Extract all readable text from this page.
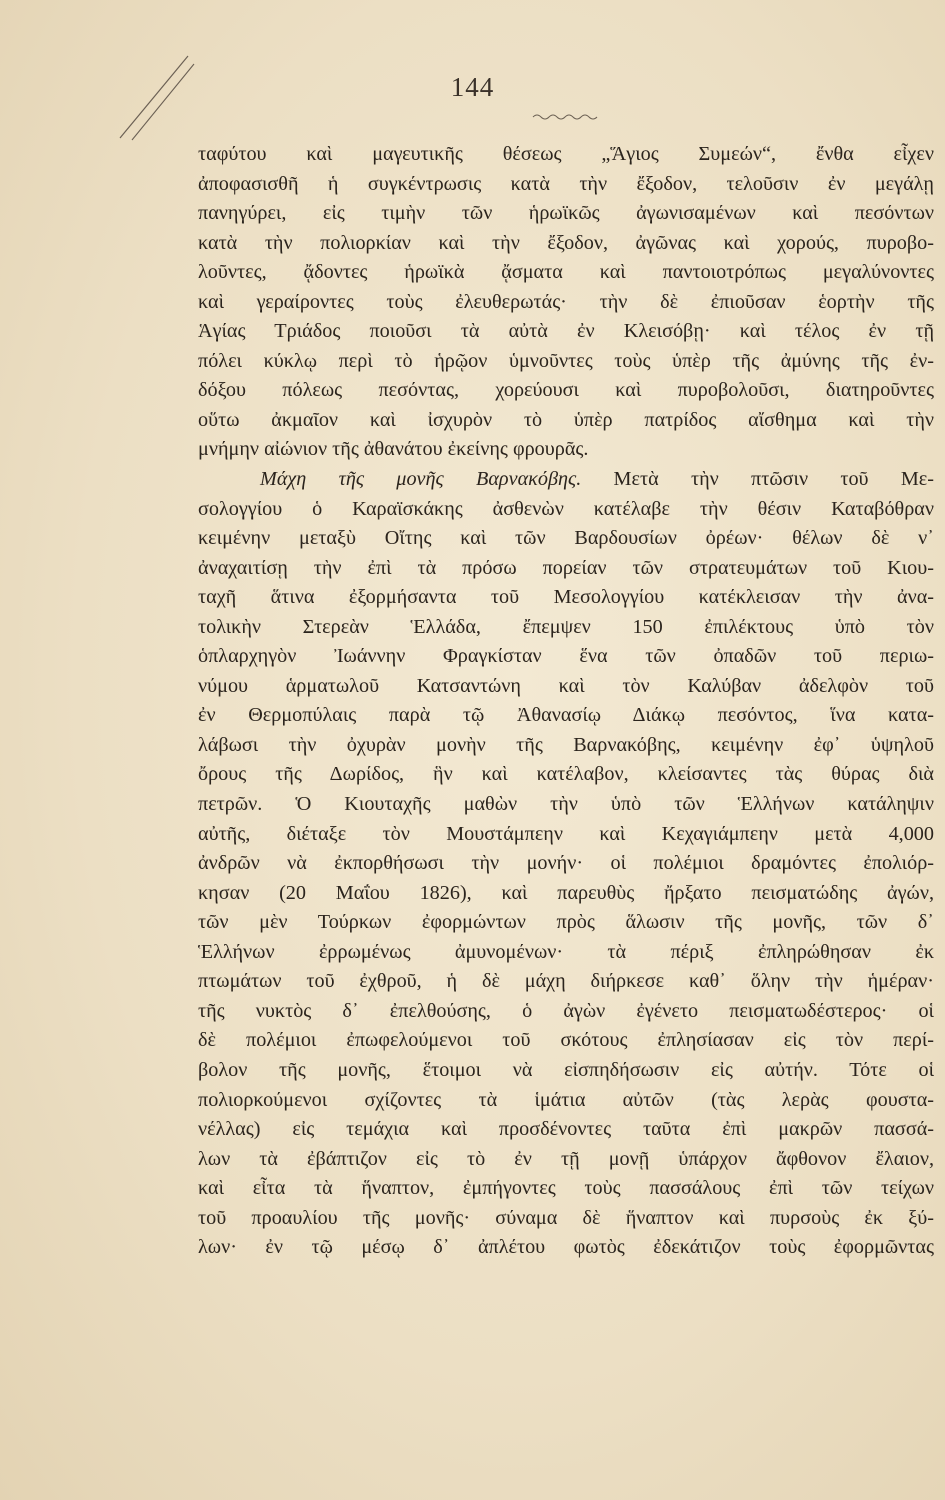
144
ταφύτου καὶ μαγευτικῆς θέσεως „Ἅγιος Συμεών“, ἔνθα εἶχεν
ἀποφασισθῆ ἡ συγκέντρωσις κατὰ τὴν ἔξοδον, τελοῦσιν ἐν μεγάλῃ
πανηγύρει, εἰς τιμὴν τῶν ἡρωϊκῶς ἀγωνισαμένων καὶ πεσόντων
κατὰ τὴν πολιορκίαν καὶ τὴν ἔξοδον, ἀγῶνας καὶ χορούς, πυροβο-
λοῦντες, ᾄδοντες ἡρωϊκὰ ᾄσματα καὶ παντοιοτρόπως μεγαλύνοντες
καὶ γεραίροντες τοὺς ἐλευθερωτάς· τὴν δὲ ἐπιοῦσαν ἑορτὴν τῆς
Ἁγίας Τριάδος ποιοῦσι τὰ αὐτὰ ἐν Κλεισόβῃ· καὶ τέλος ἐν τῇ
πόλει κύκλῳ περὶ τὸ ἡρῷον ὑμνοῦντες τοὺς ὑπὲρ τῆς ἀμύνης τῆς ἐν-
δόξου πόλεως πεσόντας, χορεύουσι καὶ πυροβολοῦσι, διατηροῦντες
οὕτω ἀκμαῖον καὶ ἰσχυρὸν τὸ ὑπὲρ πατρίδος αἴσθημα καὶ τὴν
μνήμην αἰώνιον τῆς ἀθανάτου ἐκείνης φρουρᾶς.
Μάχη τῆς μονῆς Βαρνακόβης. Μετὰ τὴν πτῶσιν τοῦ Με-
σολογγίου ὁ Καραϊσκάκης ἀσθενὼν κατέλαβε τὴν θέσιν Καταβόθραν
κειμένην μεταξὺ Οἴτης καὶ τῶν Βαρδουσίων ὀρέων· θέλων δὲ ν᾽
ἀναχαιτίσῃ τὴν ἐπὶ τὰ πρόσω πορείαν τῶν στρατευμάτων τοῦ Κιου-
ταχῆ ἅτινα ἐξορμήσαντα τοῦ Μεσολογγίου κατέκλεισαν τὴν ἀνα-
τολικὴν Στερεὰν Ἑλλάδα, ἔπεμψεν 150 ἐπιλέκτους ὑπὸ τὸν
ὁπλαρχηγὸν Ἰωάννην Φραγκίσταν ἕνα τῶν ὀπαδῶν τοῦ περιω-
νύμου ἁρματωλοῦ Κατσαντώνη καὶ τὸν Καλύβαν ἀδελφὸν τοῦ
ἐν Θερμοπύλαις παρὰ τῷ Ἀθανασίῳ Διάκῳ πεσόντος, ἵνα κατα-
λάβωσι τὴν ὀχυρὰν μονὴν τῆς Βαρνακόβης, κειμένην ἐφ᾽ ὑψηλοῦ
ὄρους τῆς Δωρίδος, ἣν καὶ κατέλαβον, κλείσαντες τὰς θύρας διὰ
πετρῶν. Ὁ Κιουταχῆς μαθὼν τὴν ὑπὸ τῶν Ἑλλήνων κατάληψιν
αὐτῆς, διέταξε τὸν Μουστάμπεην καὶ Κεχαγιάμπεην μετὰ 4,000
ἀνδρῶν νὰ ἐκπορθήσωσι τὴν μονήν· οἱ πολέμιοι δραμόντες ἐπολιόρ-
κησαν (20 Μαΐου 1826), καὶ παρευθὺς ἤρξατο πεισματώδης ἀγών,
τῶν μὲν Τούρκων ἐφορμώντων πρὸς ἅλωσιν τῆς μονῆς, τῶν δ᾽
Ἑλλήνων ἐρρωμένως ἀμυνομένων· τὰ πέριξ ἐπληρώθησαν ἐκ
πτωμάτων τοῦ ἐχθροῦ, ἡ δὲ μάχη διήρκεσε καθ᾽ ὅλην τὴν ἡμέραν·
τῆς νυκτὸς δ᾽ ἐπελθούσης, ὁ ἀγὼν ἐγένετο πεισματωδέστερος· οἱ
δὲ πολέμιοι ἐπωφελούμενοι τοῦ σκότους ἐπλησίασαν εἰς τὸν περί-
βολον τῆς μονῆς, ἕτοιμοι νὰ εἰσπηδήσωσιν εἰς αὐτήν. Τότε οἱ
πολιορκούμενοι σχίζοντες τὰ ἱμάτια αὐτῶν (τὰς λερὰς φουστα-
νέλλας) εἰς τεμάχια καὶ προσδένοντες ταῦτα ἐπὶ μακρῶν πασσά-
λων τὰ ἐβάπτιζον εἰς τὸ ἐν τῇ μονῇ ὑπάρχον ἄφθονον ἔλαιον,
καὶ εἶτα τὰ ἥναπτον, ἐμπήγοντες τοὺς πασσάλους ἐπὶ τῶν τείχων
τοῦ προαυλίου τῆς μονῆς· σύναμα δὲ ἥναπτον καὶ πυρσοὺς ἐκ ξύ-
λων· ἐν τῷ μέσῳ δ᾽ ἀπλέτου φωτὸς ἐδεκάτιζον τοὺς ἐφορμῶντας
